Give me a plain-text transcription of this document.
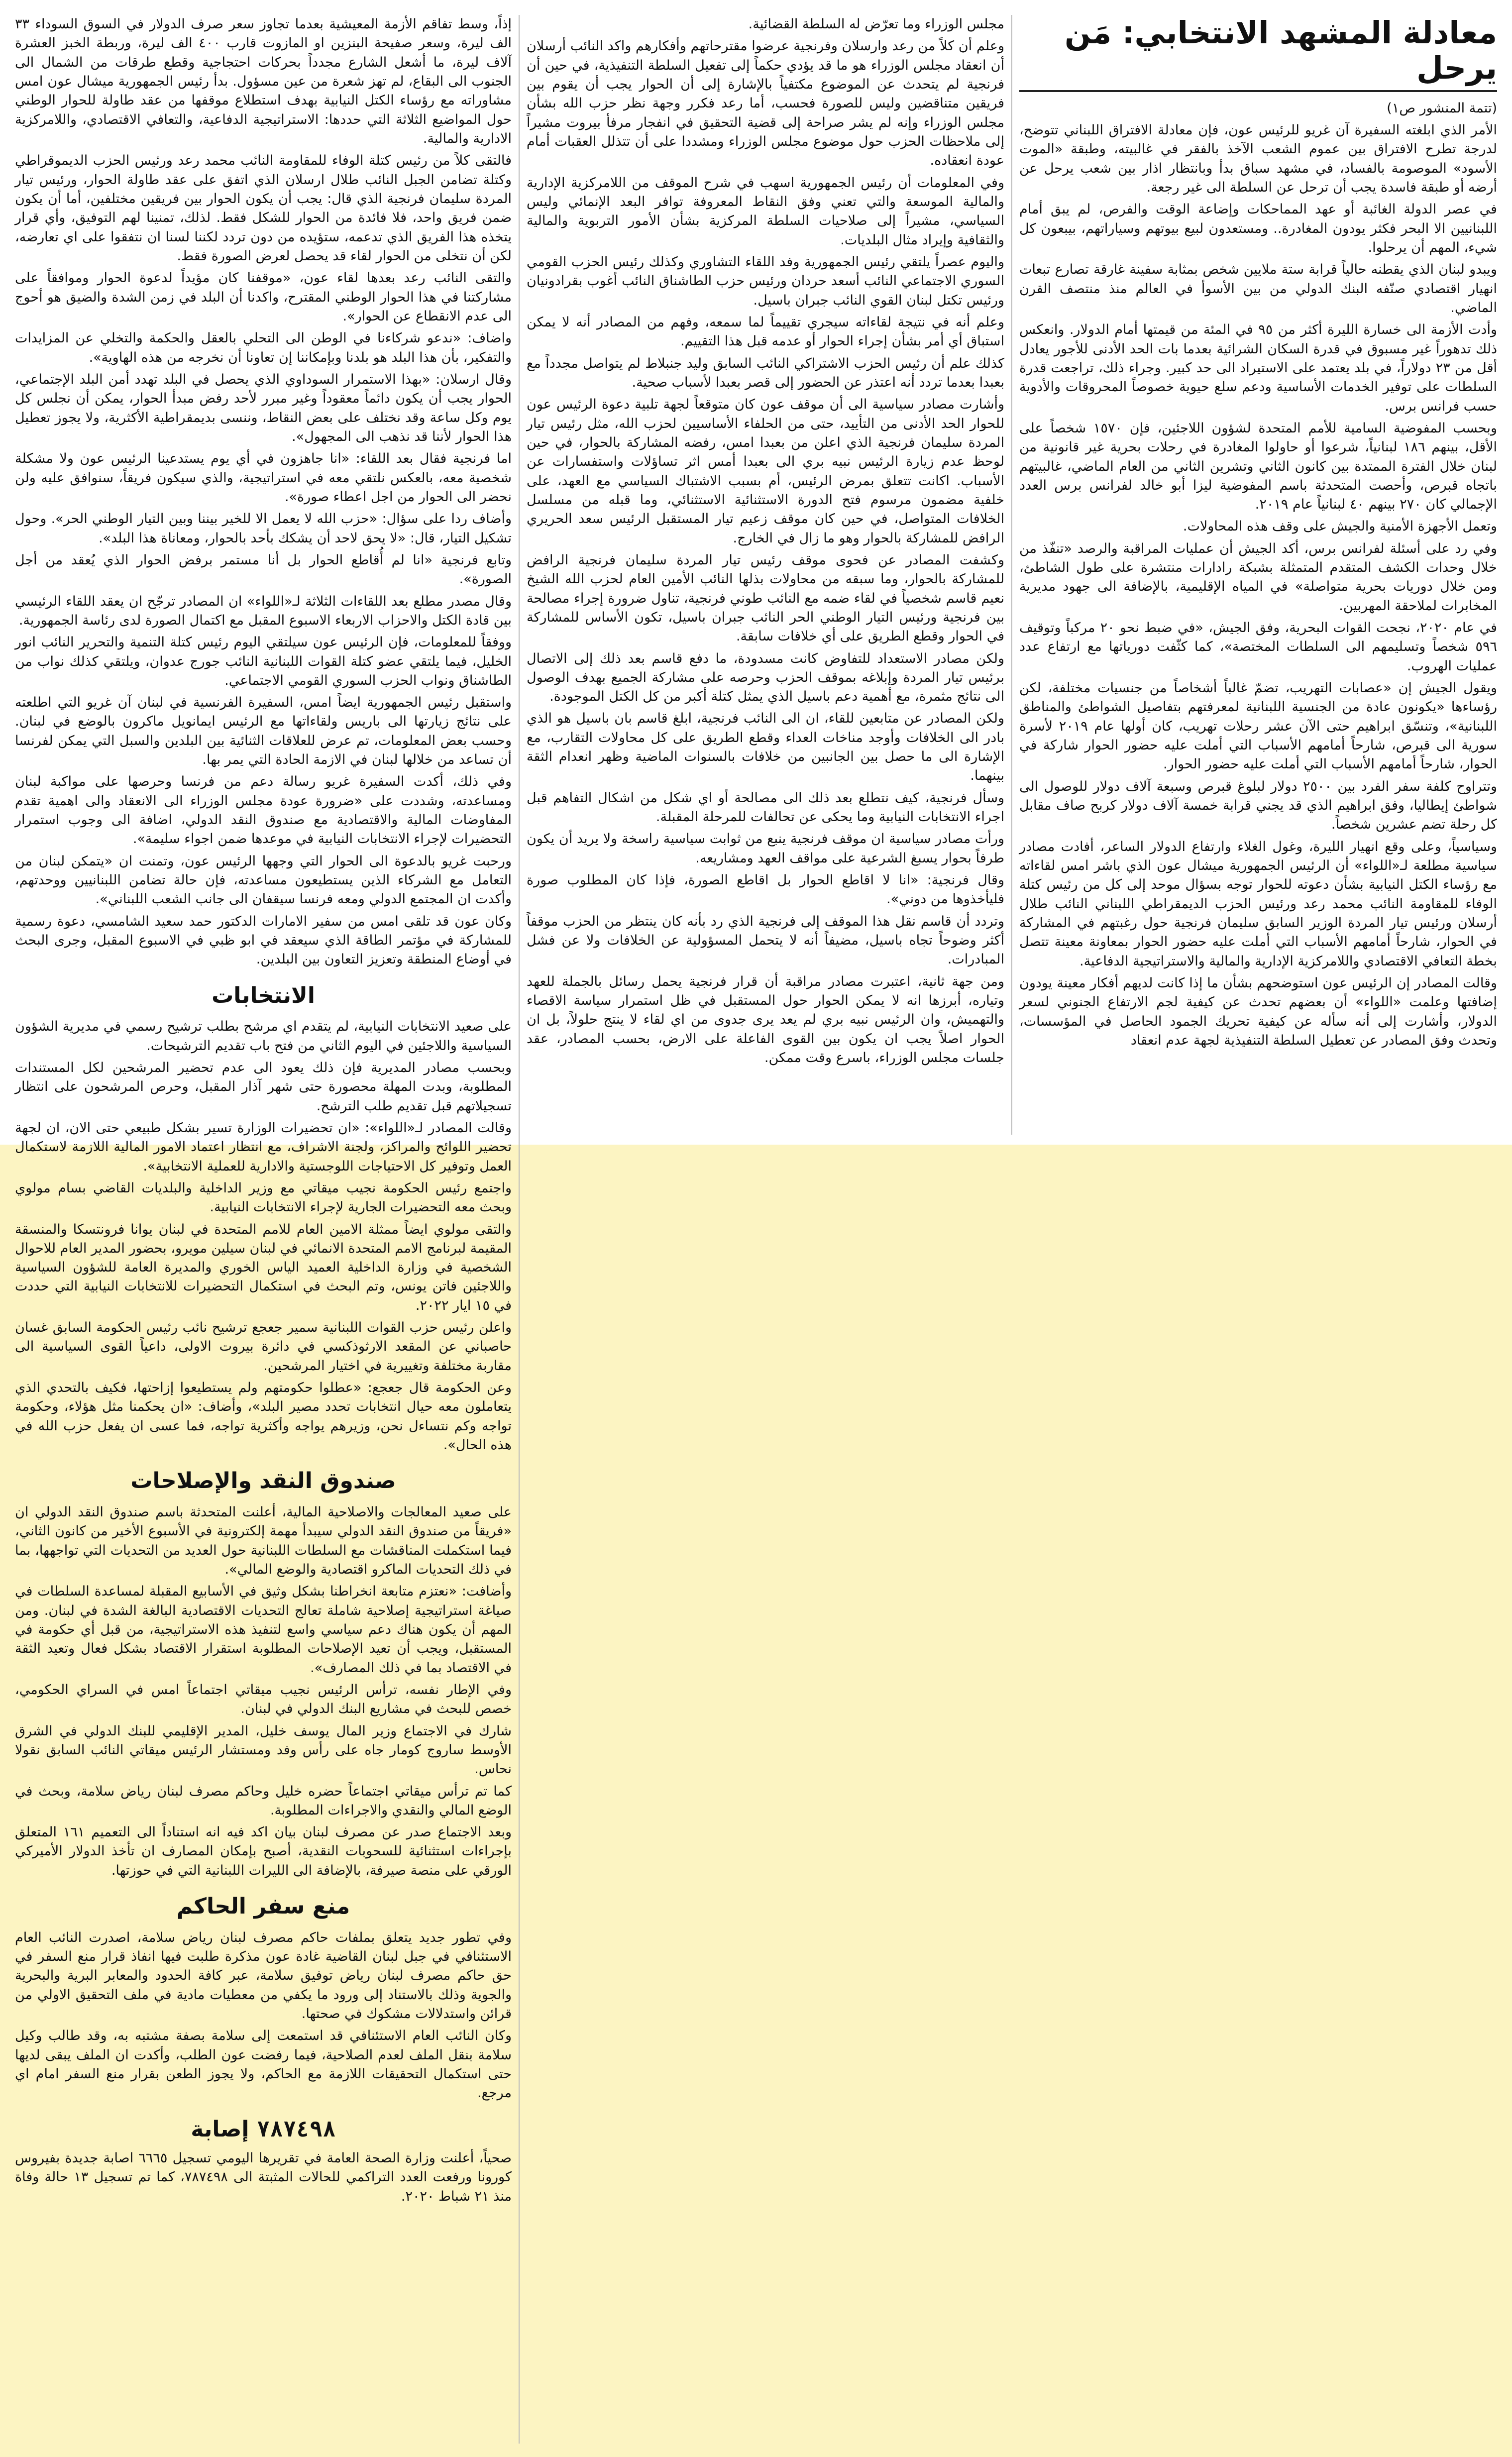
معادلة المشهد الانتخابي: مَن يرحل
(تتمة المنشور ص١)

الأمر الذي ابلغته السفيرة آن غريو للرئيس عون، فإن معادلة الافتراق اللبناني تتوضح، لدرجة تطرح الافتراق بين عموم الشعب الآخذ بالفقر في غالبيته، وطبقة «الموت الأسود» الموصومة بالفساد، في مشهد سباق بدأ وبانتظار اذار بين شعب يرحل عن أرضه أو طبقة فاسدة يجب أن ترحل عن السلطة الى غير رجعة.

في عصر الدولة الغائبة أو عهد المماحكات وإضاعة الوقت والفرص، لم يبق أمام اللبنانيين الا البحر فكثر يودون المغادرة.. ومستعدون لبيع بيوتهم وسياراتهم، بيبعون كل شيء، المهم أن يرحلوا.

ويبدو لبنان الذي يقطنه حالياً قرابة ستة ملايين شخص بمثابة سفينة غارقة تصارع تبعات انهيار اقتصادي صنّفه البنك الدولي من بين الأسوأ في العالم منذ منتصف القرن الماضي.

وأدت الأزمة الى خسارة الليرة أكثر من ٩٥ في المئة من قيمتها أمام الدولار. وانعكس ذلك تدهوراً غير مسبوق في قدرة السكان الشرائية بعدما بات الحد الأدنى للأجور يعادل أقل من ٢٣ دولاراً، في بلد يعتمد على الاستيراد الى حد كبير. وجراء ذلك، تراجعت قدرة السلطات على توفير الخدمات الأساسية ودعم سلع حيوية خصوصاً المحروقات والأدوية حسب فرانس برس.

وبحسب المفوضية السامية للأمم المتحدة لشؤون اللاجئين، فإن ١٥٧٠ شخصاً على الأقل، بينهم ١٨٦ لبنانياً، شرعوا أو حاولوا المغادرة في رحلات بحرية غير قانونية من لبنان خلال الفترة الممتدة بين كانون الثاني وتشرين الثاني من العام الماضي، غالبيتهم باتجاه قبرص، وأحصت المتحدثة باسم المفوضية ليزا أبو خالد لفرانس برس العدد الإجمالي كان ٢٧٠ بينهم ٤٠ لبنانياً عام ٢٠١٩.

وتعمل الأجهزة الأمنية والجيش على وقف هذه المحاولات.

وفي رد على أسئلة لفرانس برس، أكد الجيش أن عمليات المراقبة والرصد «تنفّذ من خلال وحدات الكشف المتقدم المتمثلة بشبكة رادارات منتشرة على طول الشاطئ، ومن خلال دوريات بحرية متواصلة» في المياه الإقليمية، بالإضافة الى جهود مديرية المخابرات لملاحقة المهربين.

في عام ٢٠٢٠، نجحت القوات البحرية، وفق الجيش، «في ضبط نحو ٢٠ مركباً وتوقيف ٥٩٦ شخصاً وتسليمهم الى السلطات المختصة»، كما كثّفت دورياتها مع ارتفاع عدد عمليات الهروب.

ويقول الجيش إن «عصابات التهريب، تضمّ غالباً أشخاصاً من جنسيات مختلفة، لكن رؤساءها «يكونون عادة من الجنسية اللبنانية لمعرفتهم بتفاصيل الشواطئ والمناطق اللبنانية»، وتنسّق ابراهيم حتى الآن عشر رحلات تهريب، كان أولها عام ٢٠١٩ لأسرة سورية الى قبرص، شارحاً أمامهم الأسباب التي أملت عليه حضور الحوار شاركة في الحوار، شارحاً أمامهم الأسباب التي أملت عليه حضور الحوار.

وتتراوح كلفة سفر الفرد بين ٢٥٠٠ دولار لبلوغ قبرص وسبعة آلاف دولار للوصول الى شواطئ إيطاليا، وفق ابراهيم الذي قد يجني قرابة خمسة آلاف دولار كربح صاف مقابل كل رحلة تضم عشرين شخصاً.

وسياسياً، وعلى وقع انهيار الليرة، وغول الغلاء وارتفاع الدولار الساعر، أفادت مصادر سياسية مطلعة لـ«اللواء» أن الرئيس الجمهورية ميشال عون الذي باشر امس لقاءاته مع رؤساء الكتل النيابية بشأن دعوته للحوار توجه بسؤال موحد إلى كل من رئيس كتلة الوفاء للمقاومة النائب محمد رعد ورئيس الحزب الديمقراطي اللبناني النائب طلال أرسلان ورئيس تيار المردة الوزير السابق سليمان فرنجية حول رغبتهم في المشاركة في الحوار، شارحاً أمامهم الأسباب التي أملت عليه حضور الحوار بمعاونة معينة تتصل بخطة التعافي الاقتصادي واللامركزية الإدارية والمالية والاستراتيجية الدفاعية.

وقالت المصادر إن الرئيس عون استوضحهم بشأن ما إذا كانت لديهم أفكار معينة يودون إضافتها وعلمت «اللواء» أن بعضهم تحدث عن كيفية لجم الارتفاع الجنوني لسعر الدولار، وأشارت إلى أنه سأله عن كيفية تحريك الجمود الحاصل في المؤسسات، وتحدث وفق المصادر عن تعطيل السلطة التنفيذية لجهة عدم انعقاد

مجلس الوزراء وما تعرّض له السلطة القضائية.

وعلم أن كلاً من رعد وارسلان وفرنجية عرضوا مقترحاتهم وأفكارهم واكد النائب أرسلان أن انعقاد مجلس الوزراء هو ما قد يؤدي حكماً إلى تفعيل السلطة التنفيذية، في حين أن فرنجية لم يتحدث عن الموضوع مكتفياً بالإشارة إلى أن الحوار يجب أن يقوم بين فريقين متناقضين وليس للصورة فحسب، أما رعد فكرر وجهة نظر حزب الله بشأن مجلس الوزراء وإنه لم يشر صراحة إلى قضية التحقيق في انفجار مرفأ بيروت مشيراً إلى ملاحظات الحزب حول موضوع مجلس الوزراء ومشددا على أن تتذلل العقبات أمام عودة انعقاده.

وفي المعلومات أن رئيس الجمهورية اسهب في شرح الموقف من اللامركزية الإدارية والمالية الموسعة والتي تعني وفق النقاط المعروفة توافر البعد الإنمائي وليس السياسي، مشيراً إلى صلاحيات السلطة المركزية بشأن الأمور التربوية والمالية والثقافية وإيراد مثال البلديات.

واليوم عصراً يلتقي رئيس الجمهورية وفد اللقاء التشاوري وكذلك رئيس الحزب القومي السوري الاجتماعي النائب أسعد حردان ورئيس حزب الطاشناق النائب أغوب بقرادونيان ورئيس تكتل لبنان القوي النائب جبران باسيل.

وعلم أنه في نتيجة لقاءاته سيجري تقييماً لما سمعه، وفهم من المصادر أنه لا يمكن استباق أي أمر بشأن إجراء الحوار أو عدمه قبل هذا التقييم.

كذلك علم أن رئيس الحزب الاشتراكي النائب السابق وليد جنبلاط لم يتواصل مجدداً مع بعبدا بعدما تردد أنه اعتذر عن الحضور إلى قصر بعبدا لأسباب صحية.

وأشارت مصادر سياسية الى أن موقف عون كان متوقعاً لجهة تلبية دعوة الرئيس عون للحوار الحد الأدنى من التأييد، حتى من الحلفاء الأساسيين لحزب الله، مثل رئيس تيار المردة سليمان فرنجية الذي اعلن من بعبدا امس، رفضه المشاركة بالحوار، في حين لوحظ عدم زيارة الرئيس نبيه بري الى بعبدا أمس اثر تساؤلات واستفسارات عن الأسباب. اكانت تتعلق بمرض الرئيس، أم بسبب الاشتباك السياسي مع العهد، على خلفية مضمون مرسوم فتح الدورة الاستثنائية الاستثنائي، وما قبله من مسلسل الخلافات المتواصل، في حين كان موقف زعيم تيار المستقبل الرئيس سعد الحريري الرافض للمشاركة بالحوار وهو ما زال في الخارج.

وكشفت المصادر عن فحوى موقف رئيس تيار المردة سليمان فرنجية الرافض للمشاركة بالحوار، وما سبقه من محاولات بذلها النائب الأمين العام لحزب الله الشيخ نعيم قاسم شخصياً في لقاء ضمه مع النائب طوني فرنجية، تناول ضرورة إجراء مصالحة بين فرنجية ورئيس التيار الوطني الحر النائب جبران باسيل، تكون الأساس للمشاركة في الحوار وقطع الطريق على أي خلافات سابقة.

ولكن مصادر الاستعداد للتفاوض كانت مسدودة، ما دفع قاسم بعد ذلك إلى الاتصال برئيس تيار المردة وإبلاغه بموقف الحزب وحرصه على مشاركة الجميع بهدف الوصول الى نتائج مثمرة، مع أهمية دعم باسيل الذي يمثل كتلة أكبر من كل الكتل الموجودة.

ولكن المصادر عن متابعين للقاء، ان الى النائب فرنجية، ابلغ قاسم بان باسيل هو الذي بادر الى الخلافات وأوجد مناخات العداء وقطع الطريق على كل محاولات التقارب، مع الإشارة الى ما حصل بين الجانبين من خلافات بالسنوات الماضية وظهر انعدام الثقة بينهما.

وسأل فرنجية، كيف نتطلع بعد ذلك الى مصالحة أو اي شكل من اشكال التفاهم قبل اجراء الانتخابات النيابية وما يحكى عن تحالفات للمرحلة المقبلة.

ورأت مصادر سياسية ان موقف فرنجية ينبع من ثوابت سياسية راسخة ولا يريد أن يكون طرفاً بحوار يسبغ الشرعية على مواقف العهد ومشاريعه.

وقال فرنجية: «انا لا اقاطع الحوار بل اقاطع الصورة، فإذا كان المطلوب صورة فليأخذوها من دوني».

وتردد أن قاسم نقل هذا الموقف إلى فرنجية الذي رد بأنه كان ينتظر من الحزب موقفاً أكثر وضوحاً تجاه باسيل، مضيفاً أنه لا يتحمل المسؤولية عن الخلافات ولا عن فشل المبادرات.

ومن جهة ثانية، اعتبرت مصادر مراقبة أن قرار فرنجية يحمل رسائل بالجملة للعهد وتياره، أبرزها انه لا يمكن الحوار حول المستقبل في ظل استمرار سياسة الاقصاء والتهميش، وان الرئيس نبيه بري لم يعد يرى جدوى من اي لقاء لا ينتج حلولاً، بل ان الحوار اصلاً يجب ان يكون بين القوى الفاعلة على الارض، بحسب المصادر، عقد جلسات مجلس الوزراء، باسرع وقت ممكن.

إذاً، وسط تفاقم الأزمة المعيشية بعدما تجاوز سعر صرف الدولار في السوق السوداء ٣٣ الف ليرة، وسعر صفيحة البنزين او المازوت قارب ٤٠٠ الف ليرة، وربطة الخبز العشرة آلاف ليرة، ما أشعل الشارع مجدداً بحركات احتجاجية وقطع طرقات من الشمال الى الجنوب الى البقاع، لم تهز شعرة من عين مسؤول. بدأ رئيس الجمهورية ميشال عون امس مشاوراته مع رؤساء الكتل النيابية بهدف استطلاع موقفها من عقد طاولة للحوار الوطني حول المواضيع الثلاثة التي حددها: الاستراتيجية الدفاعية، والتعافي الاقتصادي، واللامركزية الادارية والمالية.

فالتقى كلاً من رئيس كتلة الوفاء للمقاومة النائب محمد رعد ورئيس الحزب الديموقراطي وكتلة تضامن الجبل النائب طلال ارسلان الذي اتفق على عقد طاولة الحوار، ورئيس تيار المردة سليمان فرنجية الذي قال: يجب أن يكون الحوار بين فريقين مختلفين، أما أن يكون ضمن فريق واحد، فلا فائدة من الحوار للشكل فقط. لذلك، تمنينا لهم التوفيق، وأي قرار يتخذه هذا الفريق الذي تدعمه، ستؤيده من دون تردد لكننا لسنا ان نتفقوا على اي تعارضه، لكن أن نتخلى من الحوار لقاء قد يحصل لعرض الصورة فقط.

والتقى النائب رعد بعدها لقاء عون، «موقفنا كان مؤيداً لدعوة الحوار وموافقاً على مشاركتنا في هذا الحوار الوطني المقترح، واكدنا أن البلد في زمن الشدة والضيق هو أحوج الى عدم الانقطاع عن الحوار».

واضاف: «ندعو شركاءنا في الوطن الى التحلي بالعقل والحكمة والتخلي عن المزايدات والتفكير، بأن هذا البلد هو بلدنا وبإمكاننا إن تعاونا أن نخرجه من هذه الهاوية».

وقال ارسلان: «بهذا الاستمرار السوداوي الذي يحصل في البلد تهدد أمن البلد الإجتماعي، الحوار يجب أن يكون دائماً معقوداً وغير مبرر لأحد رفض مبدأ الحوار، يمكن أن نجلس كل يوم وكل ساعة وقد نختلف على بعض النقاط، وننسى بديمقراطية الأكثرية، ولا يجوز تعطيل هذا الحوار لأننا قد نذهب الى المجهول».

اما فرنجية فقال بعد اللقاء: «انا جاهزون في أي يوم يستدعينا الرئيس عون ولا مشكلة شخصية معه، بالعكس نلتقي معه في استراتيجية، والذي سيكون فريقاً، سنوافق عليه ولن نحضر الى الحوار من اجل اعطاء صورة».

وأضاف ردا على سؤال: «حزب الله لا يعمل الا للخير بيننا وبين التيار الوطني الحر». وحول تشكيل التيار، قال: «لا يحق لاحد أن يشكك بأحد بالحوار، ومعاناة هذا البلد».

وتابع فرنجية «انا لم أُقاطع الحوار بل أنا مستمر برفض الحوار الذي يُعقد من أجل الصورة».

وقال مصدر مطلع بعد اللقاءات الثلاثة لـ«اللواء» ان المصادر ترجّح ان يعقد اللقاء الرئيسي بين قادة الكتل والاحزاب الاربعاء الاسبوع المقبل مع اكتمال الصورة لدى رئاسة الجمهورية.

ووفقاً للمعلومات، فإن الرئيس عون سيلتقي اليوم رئيس كتلة التنمية والتحرير النائب انور الخليل، فيما يلتقي عضو كتلة القوات اللبنانية النائب جورج عدوان، ويلتقي كذلك نواب من الطاشناق ونواب الحزب السوري القومي الاجتماعي.

واستقبل رئيس الجمهورية ايضاً امس، السفيرة الفرنسية في لبنان آن غريو التي اطلعته على نتائج زيارتها الى باريس ولقاءاتها مع الرئيس ايمانويل ماكرون بالوضع في لبنان. وحسب بعض المعلومات، تم عرض للعلاقات الثنائية بين البلدين والسبل التي يمكن لفرنسا أن تساعد من خلالها لبنان في الازمة الحادة التي يمر بها.

وفي ذلك، أكدت السفيرة غريو رسالة دعم من فرنسا وحرصها على مواكبة لبنان ومساعدته، وشددت على «ضرورة عودة مجلس الوزراء الى الانعقاد والى اهمية تقدم المفاوضات المالية والاقتصادية مع صندوق النقد الدولي، اضافة الى وجوب استمرار التحضيرات لإجراء الانتخابات النيابية في موعدها ضمن اجواء سليمة».

ورحبت غريو بالدعوة الى الحوار التي وجهها الرئيس عون، وتمنت ان «يتمكن لبنان من التعامل مع الشركاء الذين يستطيعون مساعدته، فإن حالة تضامن اللبنانيين ووحدتهم، وأكدت ان المجتمع الدولي ومعه فرنسا سيقفان الى جانب الشعب اللبناني».

وكان عون قد تلقى امس من سفير الامارات الدكتور حمد سعيد الشامسي، دعوة رسمية للمشاركة في مؤتمر الطاقة الذي سيعقد في ابو ظبي في الاسبوع المقبل، وجرى البحث في أوضاع المنطقة وتعزيز التعاون بين البلدين.

الانتخابات

على صعيد الانتخابات النيابية، لم يتقدم اي مرشح بطلب ترشيح رسمي في مديرية الشؤون السياسية واللاجئين في اليوم الثاني من فتح باب تقديم الترشيحات.

وبحسب مصادر المديرية فإن ذلك يعود الى عدم تحضير المرشحين لكل المستندات المطلوبة، وبدت المهلة محصورة حتى شهر آذار المقبل، وحرص المرشحون على انتظار تسجيلاتهم قبل تقديم طلب الترشح.

وقالت المصادر لـ«اللواء»: «ان تحضيرات الوزارة تسير بشكل طبيعي حتى الان، ان لجهة تحضير اللوائح والمراكز، ولجنة الاشراف، مع انتظار اعتماد الامور المالية اللازمة لاستكمال العمل وتوفير كل الاحتياجات اللوجستية والادارية للعملية الانتخابية».

واجتمع رئيس الحكومة نجيب ميقاتي مع وزير الداخلية والبلديات القاضي بسام مولوي وبحث معه التحضيرات الجارية لإجراء الانتخابات النيابية.

والتقى مولوي ايضاً ممثلة الامين العام للامم المتحدة في لبنان يوانا فرونتسكا والمنسقة المقيمة لبرنامج الامم المتحدة الانمائي في لبنان سيلين مويرو، بحضور المدير العام للاحوال الشخصية في وزارة الداخلية العميد الياس الخوري والمديرة العامة للشؤون السياسية واللاجئين فاتن يونس، وتم البحث في استكمال التحضيرات للانتخابات النيابية التي حددت في ١٥ ايار ٢٠٢٢.

واعلن رئيس حزب القوات اللبنانية سمير جعجع ترشيح نائب رئيس الحكومة السابق غسان حاصباني عن المقعد الارثوذكسي في دائرة بيروت الاولى، داعياً القوى السياسية الى مقاربة مختلفة وتغييرية في اختيار المرشحين.

وعن الحكومة قال جعجع: «عطلوا حكومتهم ولم يستطيعوا إزاحتها، فكيف بالتحدي الذي يتعاملون معه حيال انتخابات تحدد مصير البلد»، وأضاف: «ان يحكمنا مثل هؤلاء، وحكومة تواجه وكم نتساءل نحن، وزيرهم يواجه وأكثرية تواجه، فما عسى ان يفعل حزب الله في هذه الحال».

صندوق النقد والإصلاحات

على صعيد المعالجات والاصلاحية المالية، أعلنت المتحدثة باسم صندوق النقد الدولي ان «فريقاً من صندوق النقد الدولي سيبدأ مهمة إلكترونية في الأسبوع الأخير من كانون الثاني، فيما استكملت المناقشات مع السلطات اللبنانية حول العديد من التحديات التي تواجهها، بما في ذلك التحديات الماكرو اقتصادية والوضع المالي».

وأضافت: «نعتزم متابعة انخراطنا بشكل وثيق في الأسابيع المقبلة لمساعدة السلطات في صياغة استراتيجية إصلاحية شاملة تعالج التحديات الاقتصادية البالغة الشدة في لبنان. ومن المهم أن يكون هناك دعم سياسي واسع لتنفيذ هذه الاستراتيجية، من قبل أي حكومة في المستقبل، ويجب أن تعيد الإصلاحات المطلوبة استقرار الاقتصاد بشكل فعال وتعيد الثقة في الاقتصاد بما في ذلك المصارف».

وفي الإطار نفسه، ترأس الرئيس نجيب ميقاتي اجتماعاً امس في السراي الحكومي، خصص للبحث في مشاريع البنك الدولي في لبنان.

شارك في الاجتماع وزير المال يوسف خليل، المدير الإقليمي للبنك الدولي في الشرق الأوسط ساروج كومار جاه على رأس وفد ومستشار الرئيس ميقاتي النائب السابق نقولا نحاس.

كما تم ترأس ميقاتي اجتماعاً حضره خليل وحاكم مصرف لبنان رياض سلامة، وبحث في الوضع المالي والنقدي والاجراءات المطلوبة.

وبعد الاجتماع صدر عن مصرف لبنان بيان اكد فيه انه استناداً الى التعميم ١٦١ المتعلق بإجراءات استثنائية للسحوبات النقدية، أصبح بإمكان المصارف ان تأخذ الدولار الأميركي الورقي على منصة صيرفة، بالإضافة الى الليرات اللبنانية التي في حوزتها.

منع سفر الحاكم

وفي تطور جديد يتعلق بملفات حاكم مصرف لبنان رياض سلامة، اصدرت النائب العام الاستئنافي في جبل لبنان القاضية غادة عون مذكرة طلبت فيها انفاذ قرار منع السفر في حق حاكم مصرف لبنان رياض توفيق سلامة، عبر كافة الحدود والمعابر البرية والبحرية والجوية وذلك بالاستناد إلى ورود ما يكفي من معطيات مادية في ملف التحقيق الاولي من قرائن واستدلالات مشكوك في صحتها.

وكان النائب العام الاستئنافي قد استمعت إلى سلامة بصفة مشتبه به، وقد طالب وكيل سلامة بنقل الملف لعدم الصلاحية، فيما رفضت عون الطلب، وأكدت ان الملف يبقى لديها حتى استكمال التحقيقات اللازمة مع الحاكم، ولا يجوز الطعن بقرار منع السفر امام اي مرجع.

٧٨٧٤٩٨ إصابة

صحياً، أعلنت وزارة الصحة العامة في تقريرها اليومي تسجيل ٦٦٦٥ اصابة جديدة بفيروس كورونا ورفعت العدد التراكمي للحالات المثبتة الى ٧٨٧٤٩٨، كما تم تسجيل ١٣ حالة وفاة منذ ٢١ شباط ٢٠٢٠.
